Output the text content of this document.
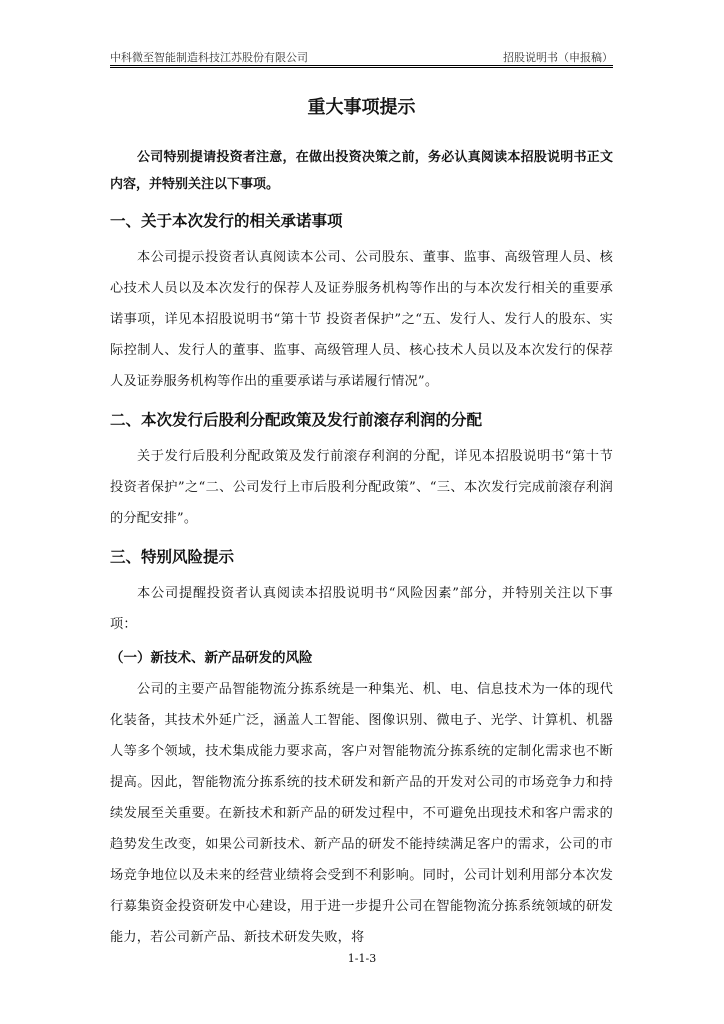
中科微至智能制造科技江苏股份有限公司	招股说明书（申报稿）
重大事项提示

公司特别提请投资者注意，在做出投资决策之前，务必认真阅读本招股说明书正文内容，并特别关注以下事项。

一、关于本次发行的相关承诺事项

本公司提示投资者认真阅读本公司、公司股东、董事、监事、高级管理人员、核心技术人员以及本次发行的保荐人及证券服务机构等作出的与本次发行相关的重要承诺事项，详见本招股说明书“第十节 投资者保护”之“五、发行人、发行人的股东、实际控制人、发行人的董事、监事、高级管理人员、核心技术人员以及本次发行的保荐人及证券服务机构等作出的重要承诺与承诺履行情况”。

二、本次发行后股利分配政策及发行前滚存利润的分配

关于发行后股利分配政策及发行前滚存利润的分配，详见本招股说明书“第十节 投资者保护”之“二、公司发行上市后股利分配政策”、“三、本次发行完成前滚存利润的分配安排”。

三、特别风险提示

本公司提醒投资者认真阅读本招股说明书“风险因素”部分，并特别关注以下事项：

（一）新技术、新产品研发的风险

公司的主要产品智能物流分拣系统是一种集光、机、电、信息技术为一体的现代化装备，其技术外延广泛，涵盖人工智能、图像识别、微电子、光学、计算机、机器人等多个领域，技术集成能力要求高，客户对智能物流分拣系统的定制化需求也不断提高。因此，智能物流分拣系统的技术研发和新产品的开发对公司的市场竞争力和持续发展至关重要。在新技术和新产品的研发过程中，不可避免出现技术和客户需求的趋势发生改变，如果公司新技术、新产品的研发不能持续满足客户的需求，公司的市场竞争地位以及未来的经营业绩将会受到不利影响。同时，公司计划利用部分本次发行募集资金投资研发中心建设，用于进一步提升公司在智能物流分拣系统领域的研发能力，若公司新产品、新技术研发失败，将

1-1-3
